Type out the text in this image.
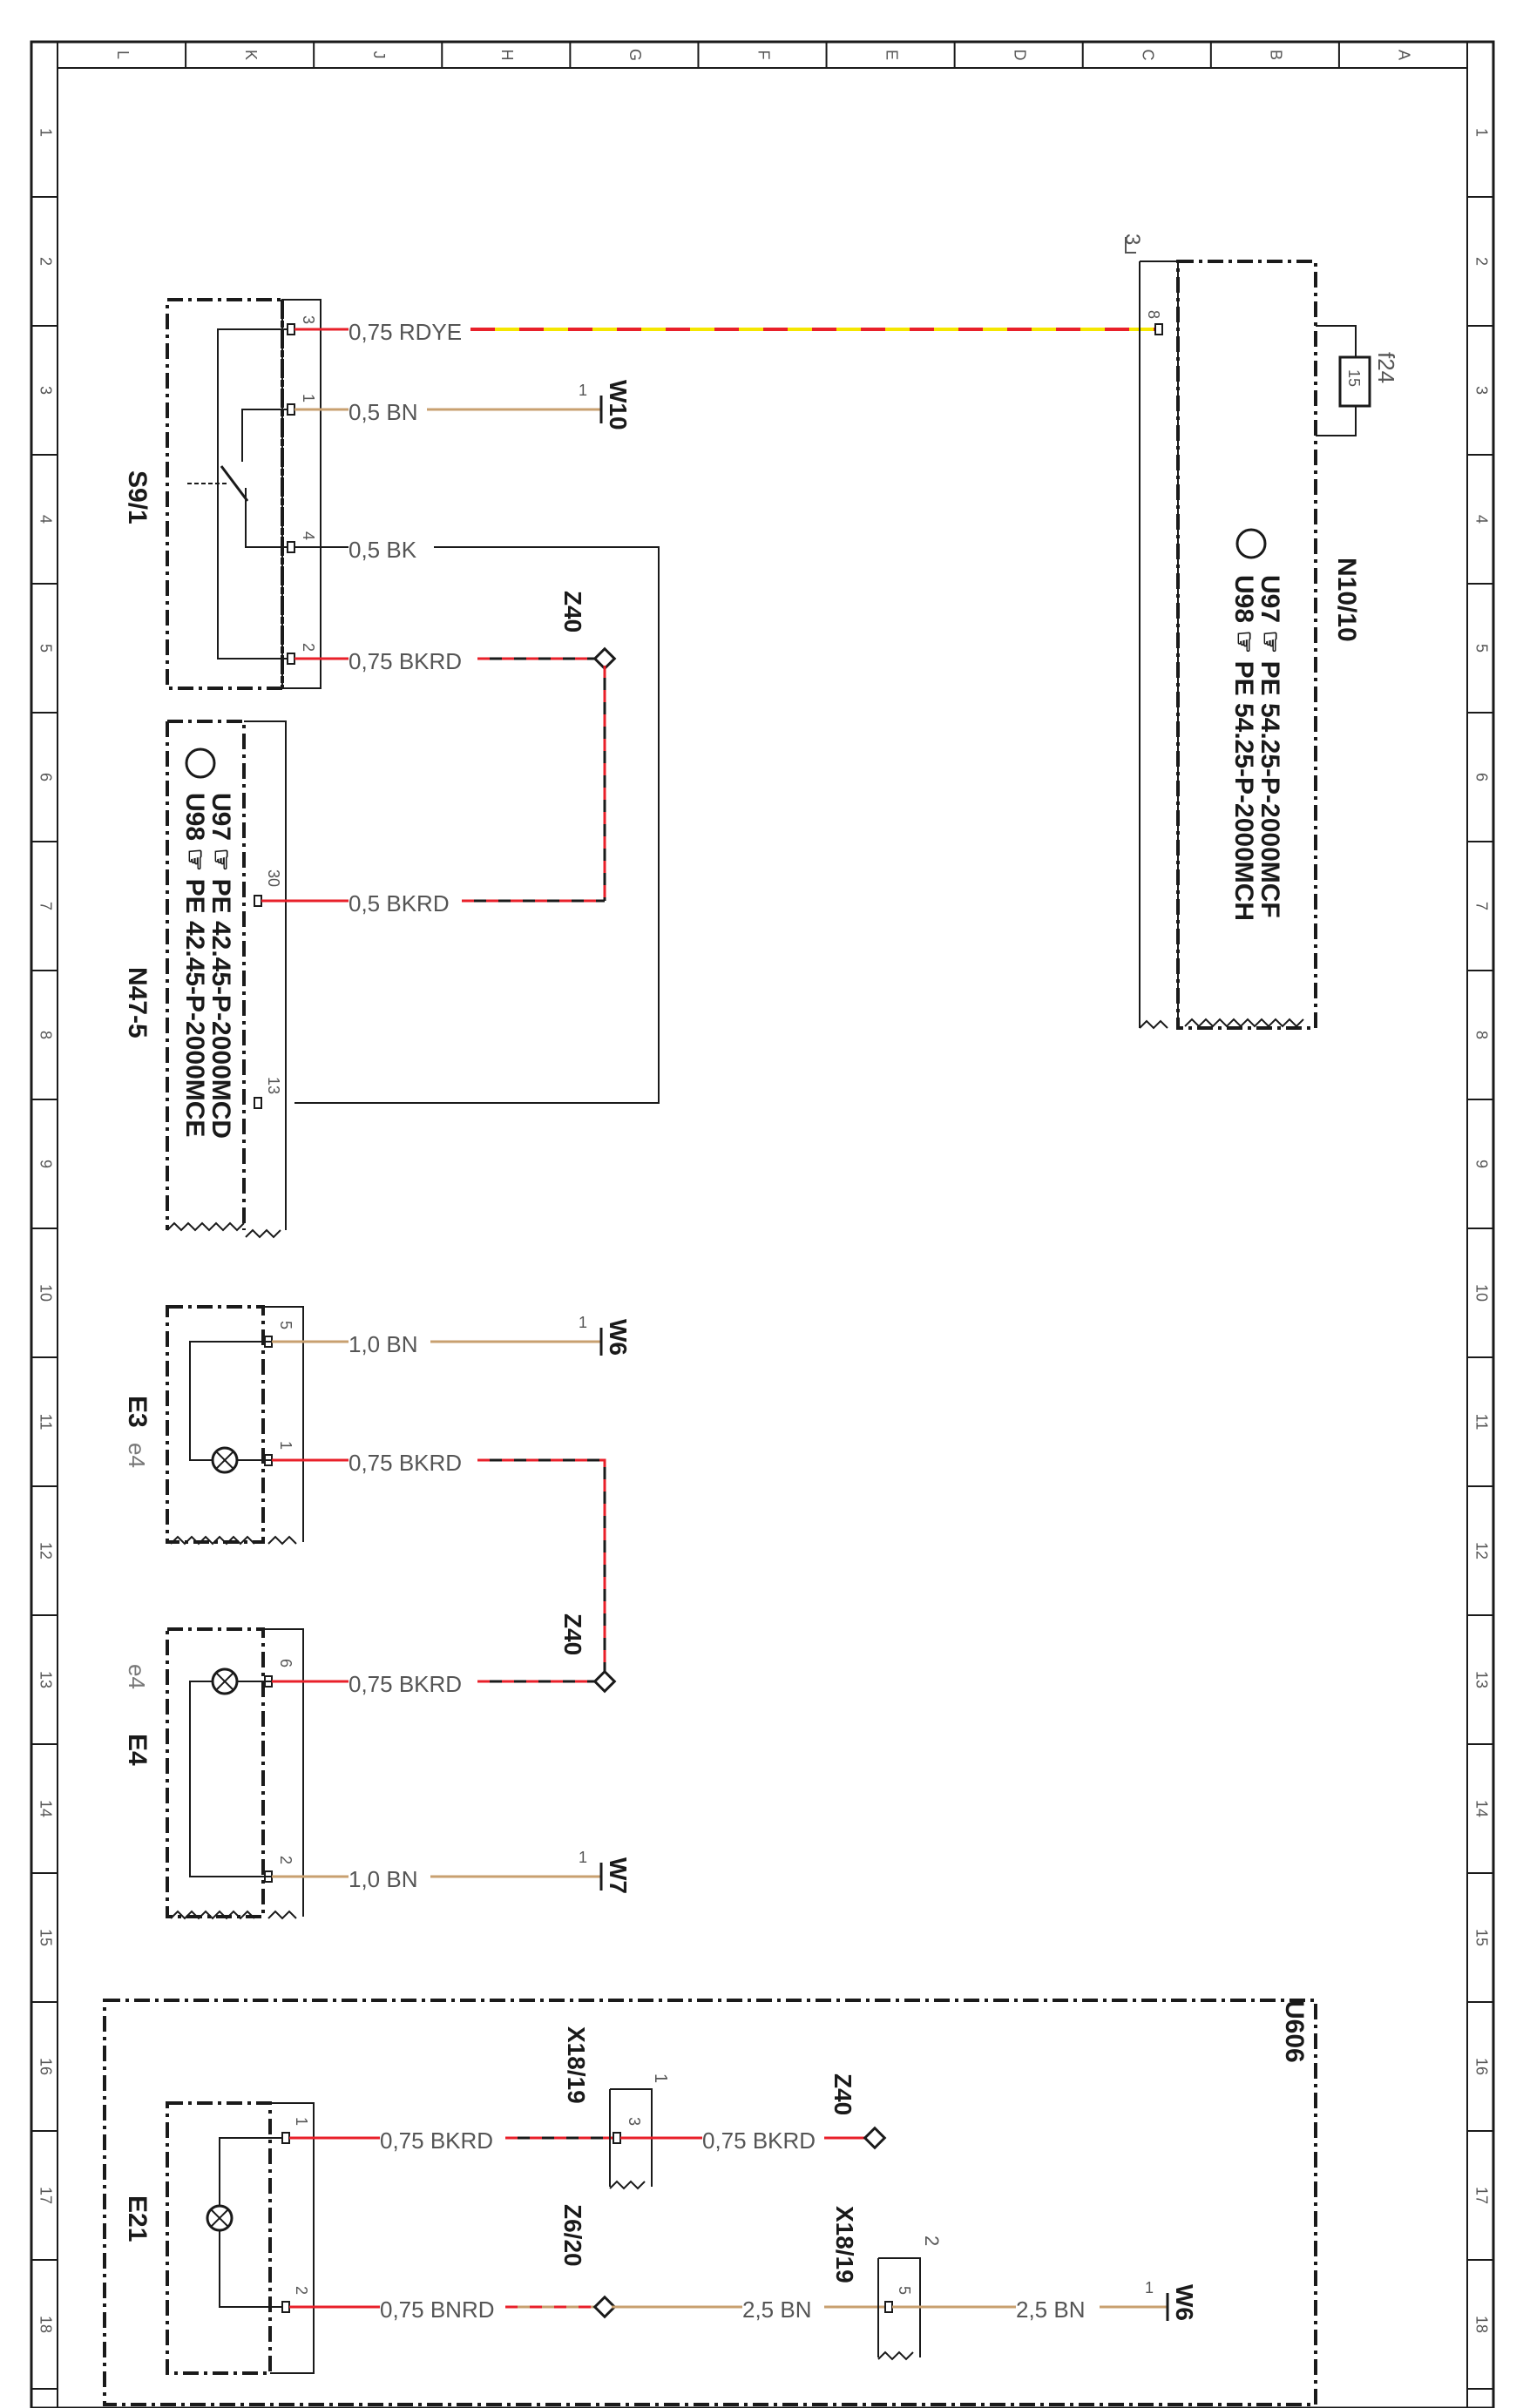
L	K	J	H	G	F	E	D	C	B	A
1	1
2	2
3	3
4	4
5	5
6	6
7	7
8	8
9	9
10	10
11	11
12	12
13	13
14	14
15	15
16	16
17	17
18	18
3
1
4
2
S9/1
0,75 RDYE
0,5 BN
1 W10
0,5 BK
0,75 BKRD
Z40
30
13
U97 ☞ PE 42.45-P-2000MCD
U98 ☞ PE 42.45-P-2000MCE
N47-5
0,5 BKRD
8
3
15 f24
N10/10
U97 ☞ PE 54.25-P-2000MCF
U98 ☞ PE 54.25-P-2000MCH
5
1
E3
e4
1,0 BN
1 W6
0,75 BKRD
6
2
e4
E4
0,75 BKRD
Z40
1,0 BN
1 W7
U606
1
2
E21
0,75 BKRD
3
1
X18/19
0,75 BKRD
Z40
0,75 BNRD
Z6/20
2,5 BN
5
2
X18/19
2,5 BN
1 W6
